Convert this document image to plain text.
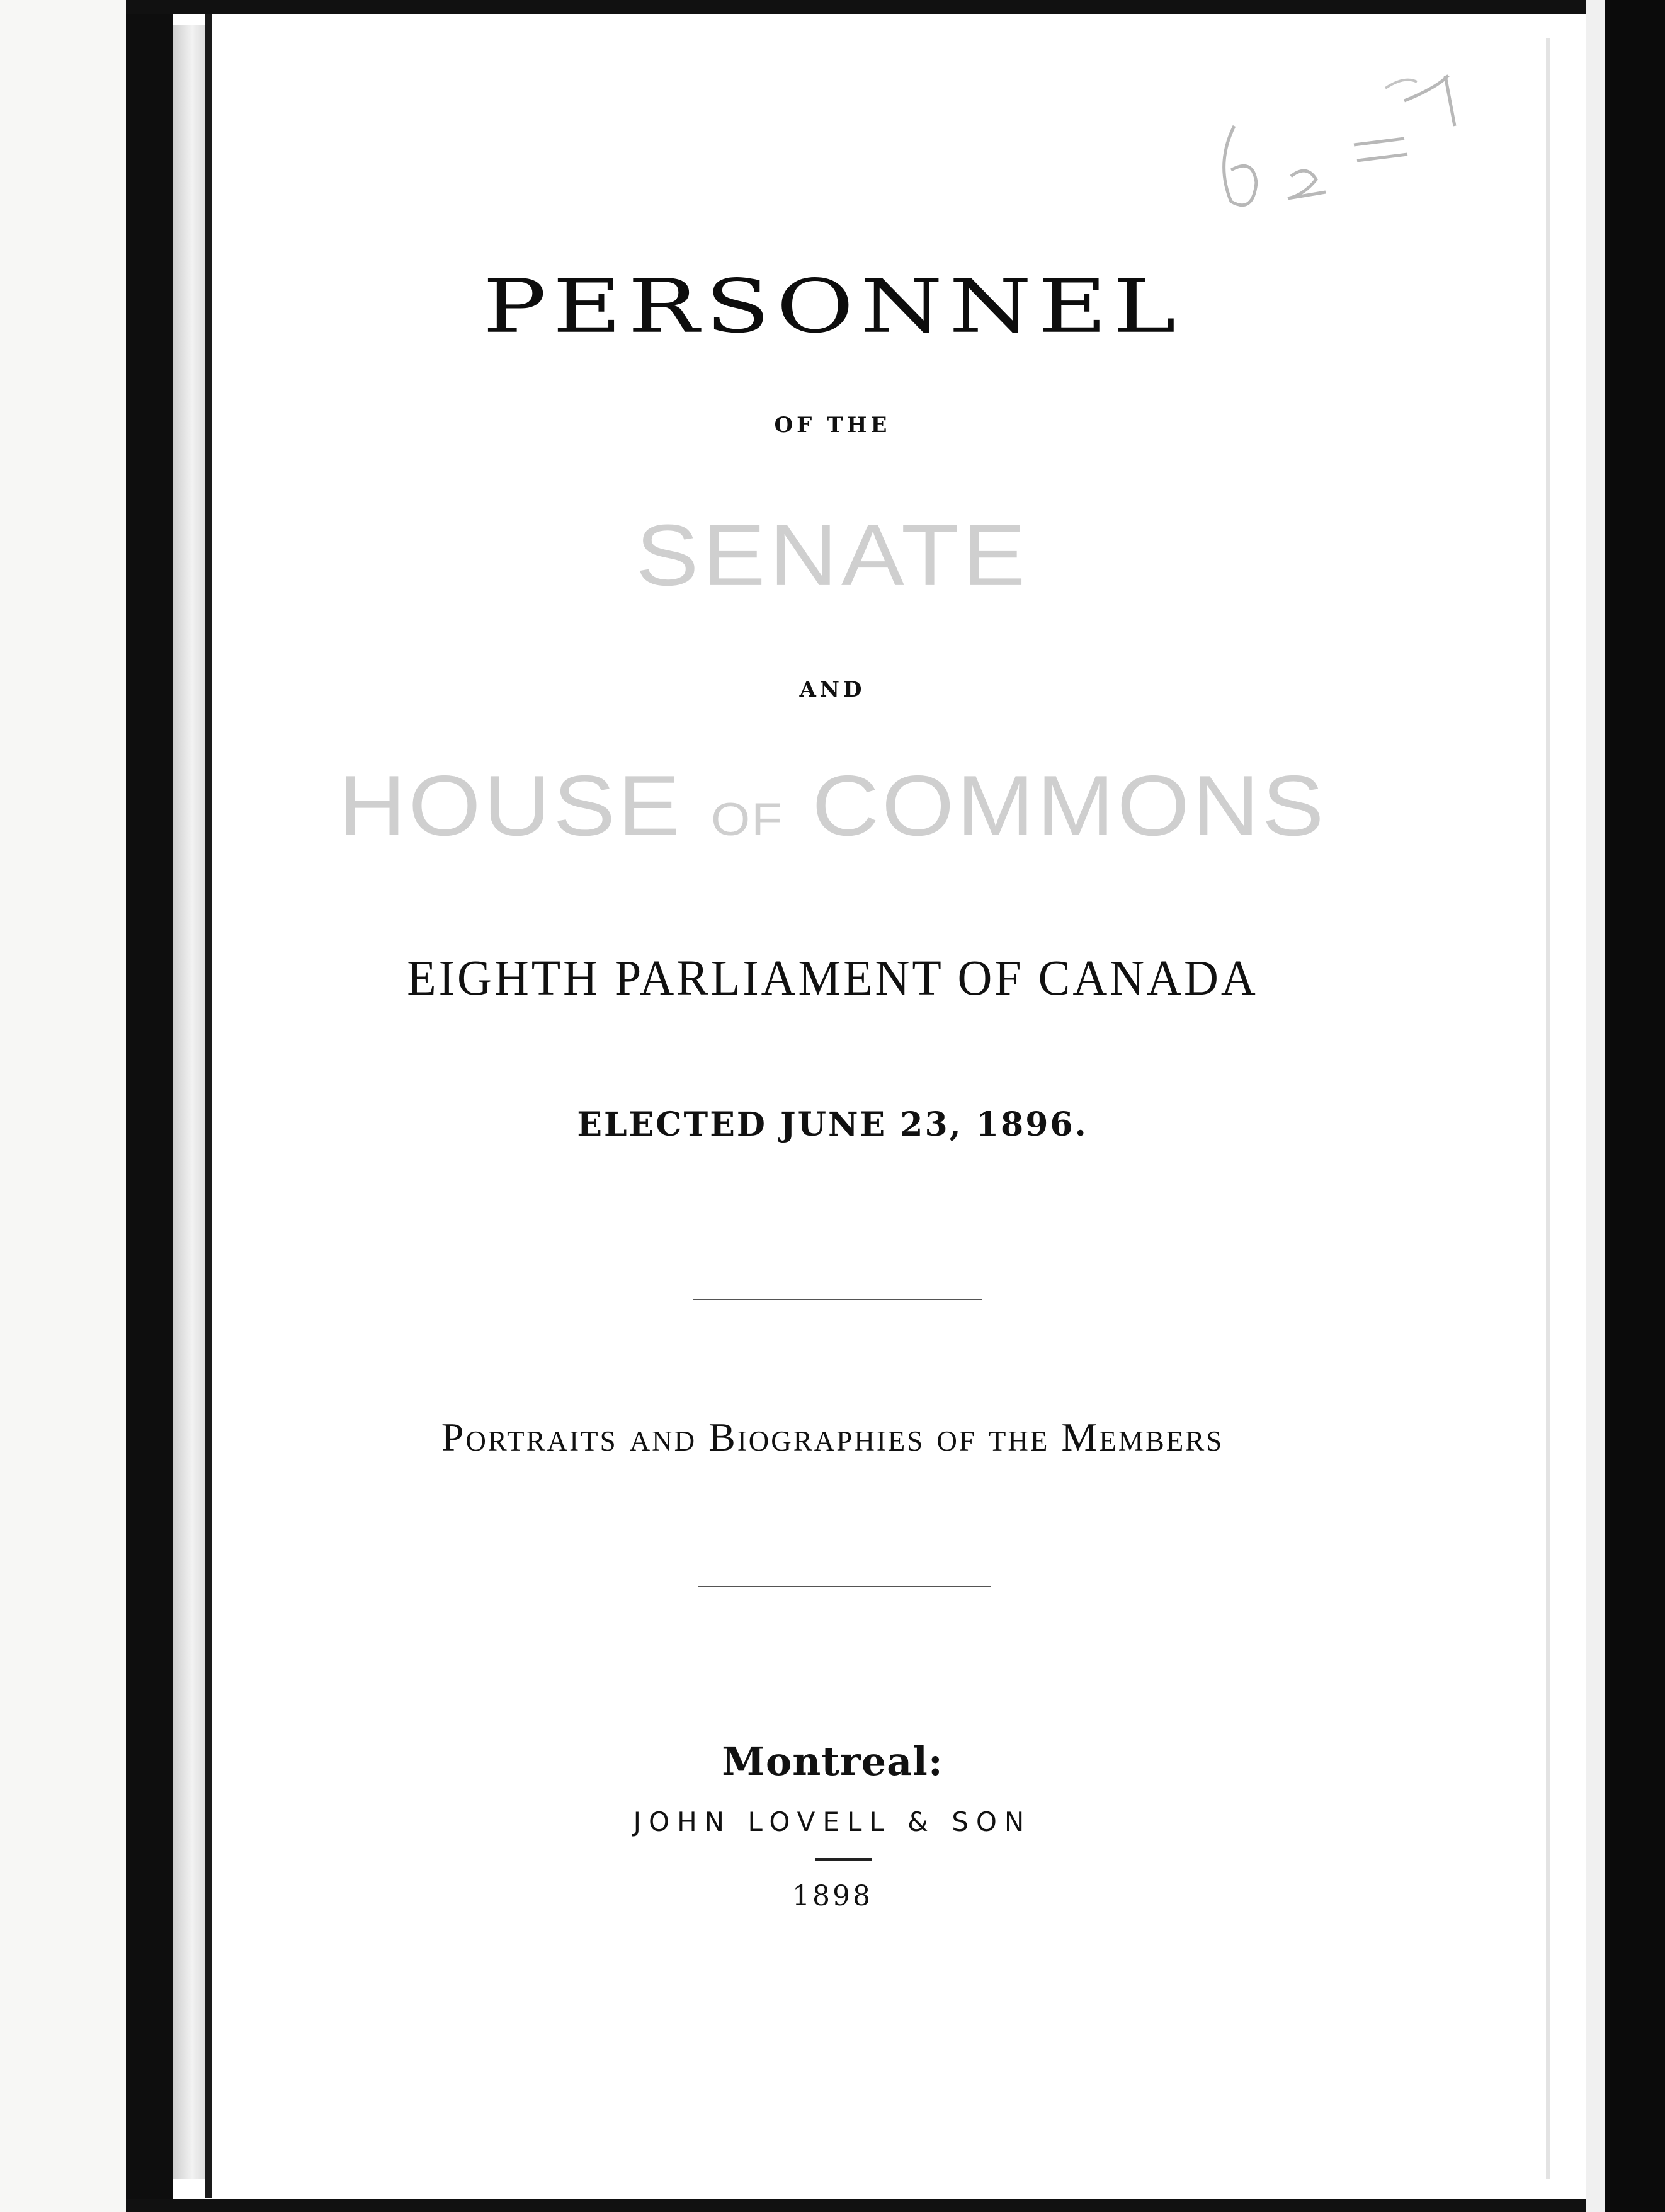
PERSONNEL
OF THE
SENATE
AND
HOUSE OF COMMONS
EIGHTH PARLIAMENT OF CANADA
ELECTED JUNE 23, 1896.
Portraits and Biographies of the Members
Montreal:
JOHN LOVELL & SON
1898
